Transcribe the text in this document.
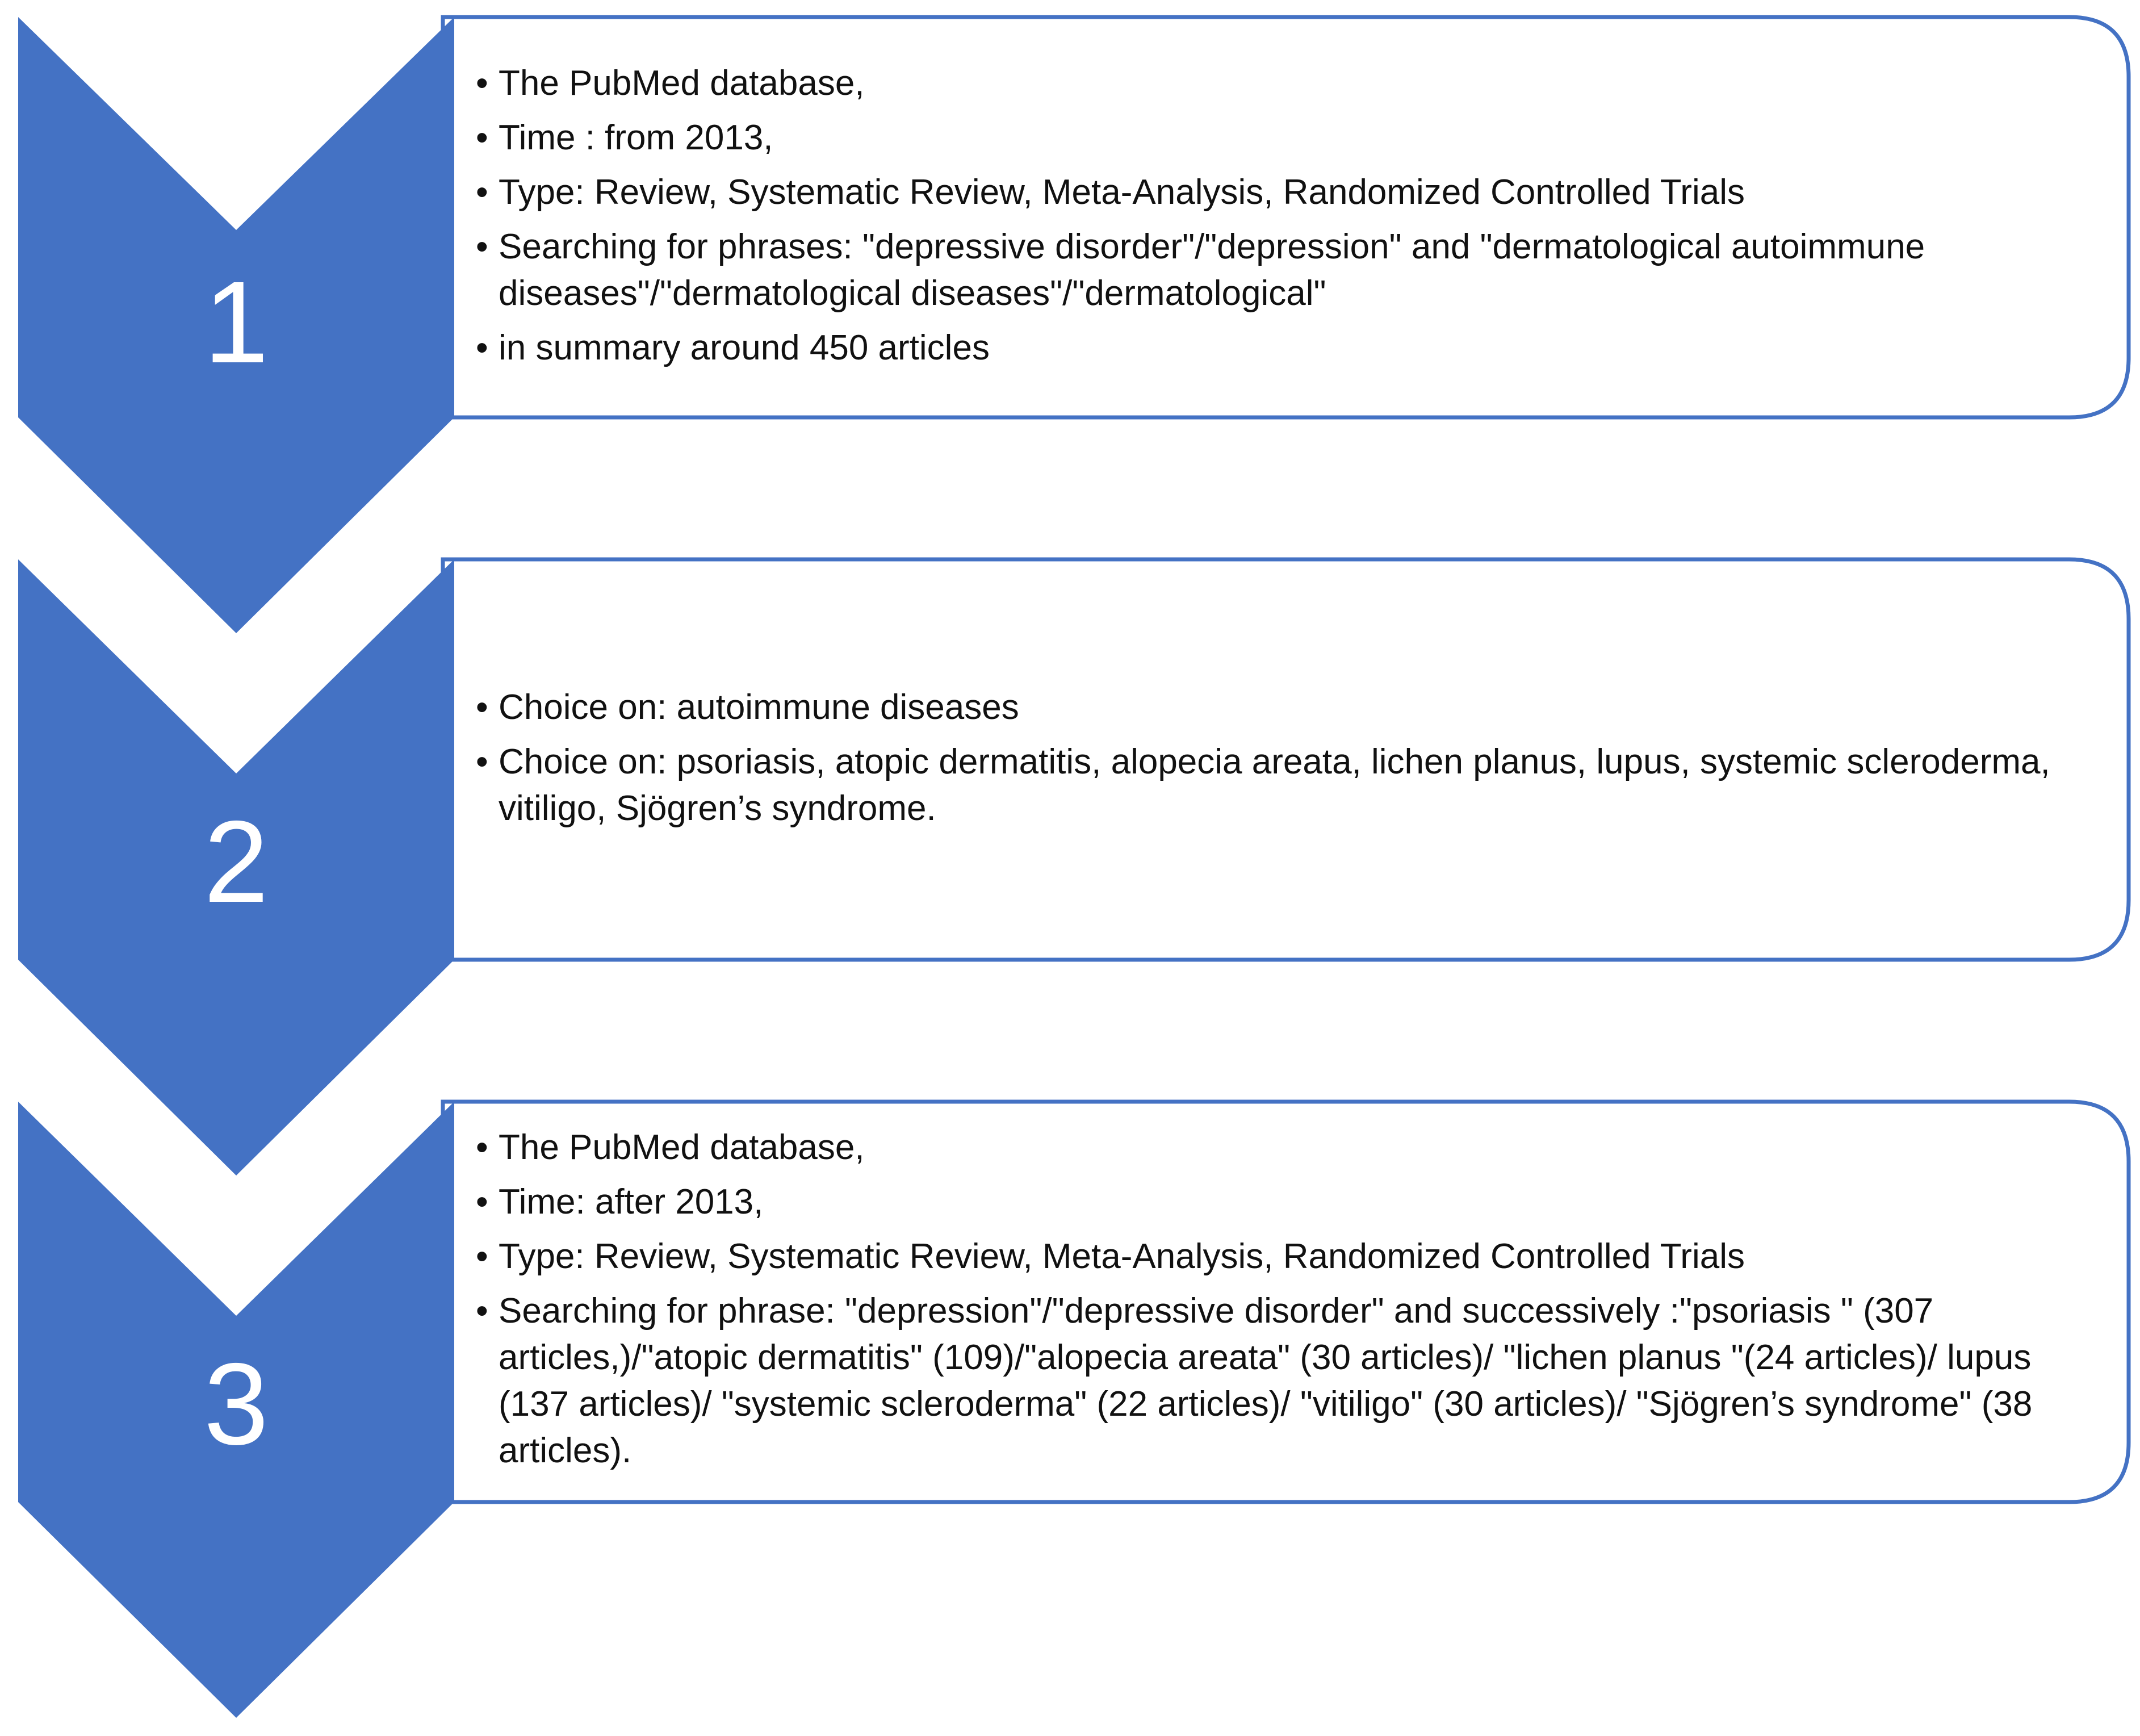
1
2
3
• The PubMed database,
• Time : from 2013,
• Type: Review, Systematic Review, Meta-Analysis, Randomized Controlled Trials
• Searching for phrases: "depressive disorder"/"depression" and "dermatological autoimmune diseases"/"dermatological diseases"/"dermatological"
• in summary around 450 articles
• Choice on: autoimmune diseases
• Choice on: psoriasis, atopic dermatitis, alopecia areata, lichen planus, lupus, systemic scleroderma, vitiligo, Sjögren’s syndrome.
• The PubMed database,
• Time: after 2013,
• Type: Review, Systematic Review, Meta-Analysis, Randomized Controlled Trials
• Searching for phrase: "depression"/"depressive disorder" and successively :"psoriasis " (307 articles,)/"atopic dermatitis" (109)/"alopecia areata" (30 articles)/ "lichen planus "(24 articles)/ lupus (137 articles)/ "systemic scleroderma" (22 articles)/ "vitiligo" (30 articles)/ "Sjögren’s syndrome" (38 articles).
